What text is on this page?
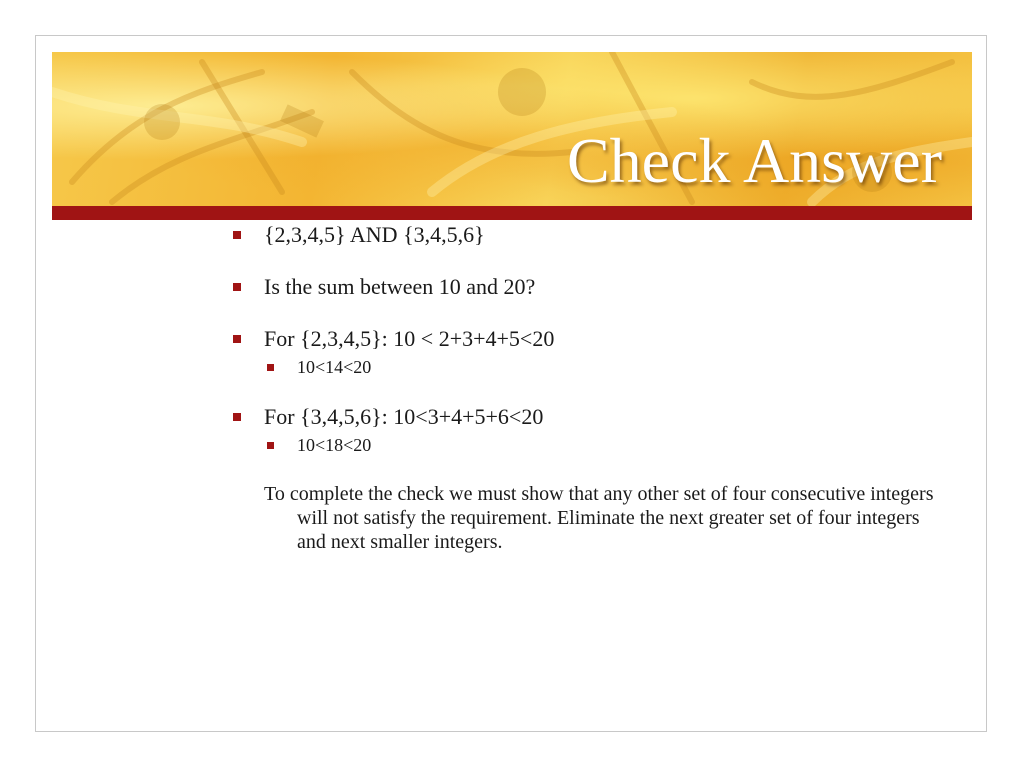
Check Answer
{2,3,4,5} AND {3,4,5,6}
Is the sum between 10 and 20?
For {2,3,4,5}: 10 < 2+3+4+5<20
10<14<20
For {3,4,5,6}: 10<3+4+5+6<20
10<18<20
To complete the check we must show that any other set of four consecutive integers will not satisfy the requirement. Eliminate the next greater set of four integers and next smaller integers.
